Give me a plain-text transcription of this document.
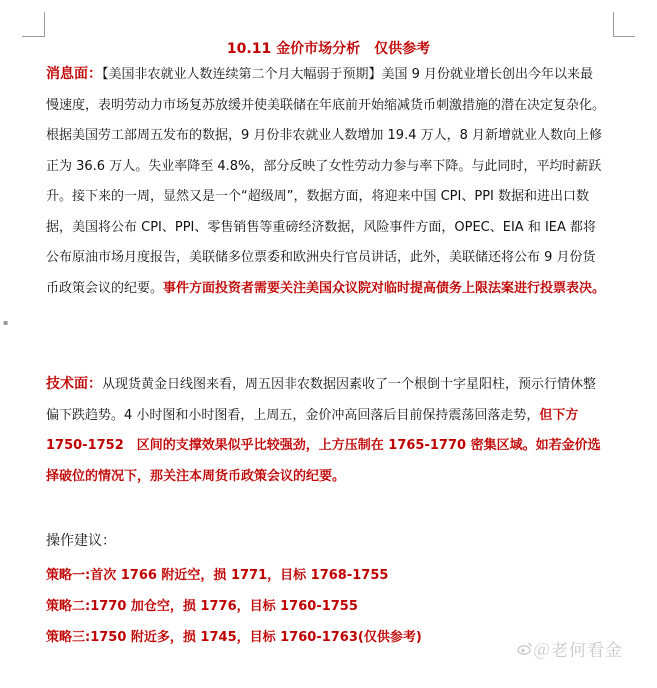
▪
10.11 金价市场分析　仅供参考

消息面：【美国非农就业人数连续第二个月大幅弱于预期】美国 9 月份就业增长创出今年以来最慢速度，表明劳动力市场复苏放缓并使美联储在年底前开始缩减货币刺激措施的潜在决定复杂化。根据美国劳工部周五发布的数据，9 月份非农就业人数增加 19.4 万人，8 月新增就业人数向上修正为 36.6 万人。失业率降至 4.8%，部分反映了女性劳动力参与率下降。与此同时，平均时薪跃升。接下来的一周，显然又是一个“超级周”，数据方面，将迎来中国 CPI、PPI 数据和进出口数据，美国将公布 CPI、PPI、零售销售等重磅经济数据，风险事件方面，OPEC、EIA 和 IEA 都将公布原油市场月度报告，美联储多位票委和欧洲央行官员讲话，此外，美联储还将公布 9 月份货币政策会议的纪要。事件方面投资者需要关注美国众议院对临时提高债务上限法案进行投票表决。

技术面：从现货黄金日线图来看，周五因非农数据因素收了一个根倒十字星阳柱，预示行情休整偏下跌趋势。4 小时图和小时图看，上周五，金价冲高回落后目前保持震荡回落走势，但下方　1750-1752　区间的支撑效果似乎比较强劲，上方压制在 1765-1770 密集区域。如若金价选择破位的情况下，那关注本周货币政策会议的纪要。

操作建议：
策略一:首次 1766 附近空，损 1771，目标 1768-1755
策略二:1770 加仓空，损 1776，目标 1760-1755
策略三:1750 附近多，损 1745，目标 1760-1763(仅供参考)
＠老何看金
